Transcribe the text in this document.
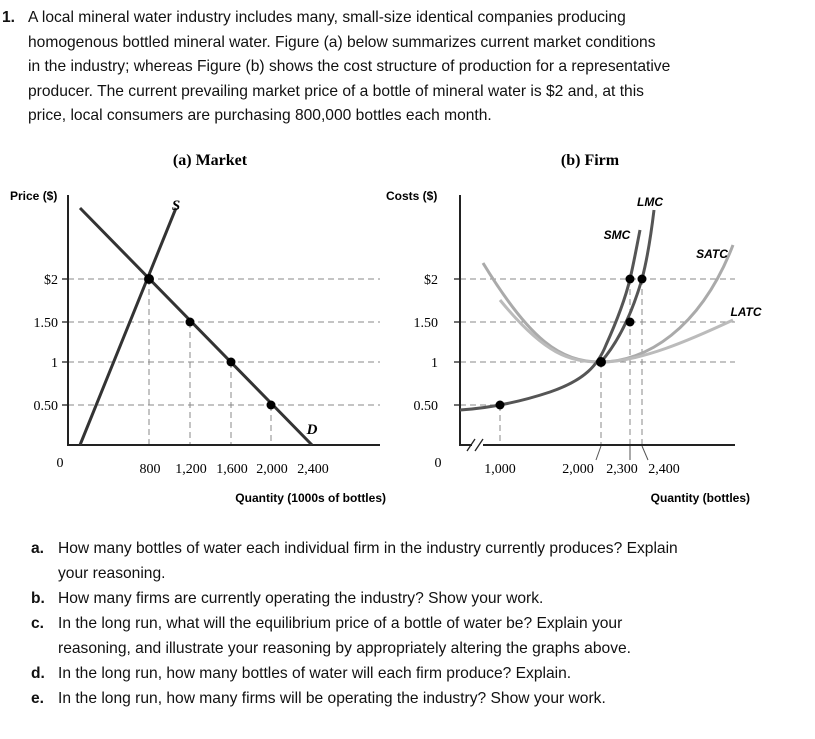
1. A local mineral water industry includes many, small-size identical companies producing
homogenous bottled mineral water. Figure (a) below summarizes current market conditions
in the industry; whereas Figure (b) shows the cost structure of production for a representative
producer. The current prevailing market price of a bottle of mineral water is $2 and, at this
price, local consumers are purchasing 800,000 bottles each month.
(a) Market
Price ($)
Quantity (1000s of bottles)
$2
1.50
1
0.50
800 1,200 1,600 2,000 2,400
0
S
D
(b) Firm
Costs ($)
Quantity (bottles)
$2
1.50
1
0.50
1,000	2,000 2,300 2,400
0
SMC
LMC
SATC
LATC
a. How many bottles of water each individual firm in the industry currently produces? Explain
your reasoning.
b. How many firms are currently operating the industry? Show your work.
c. In the long run, what will the equilibrium price of a bottle of water be? Explain your
reasoning, and illustrate your reasoning by appropriately altering the graphs above.
d. In the long run, how many bottles of water will each firm produce? Explain.
e. In the long run, how many firms will be operating the industry? Show your work.
